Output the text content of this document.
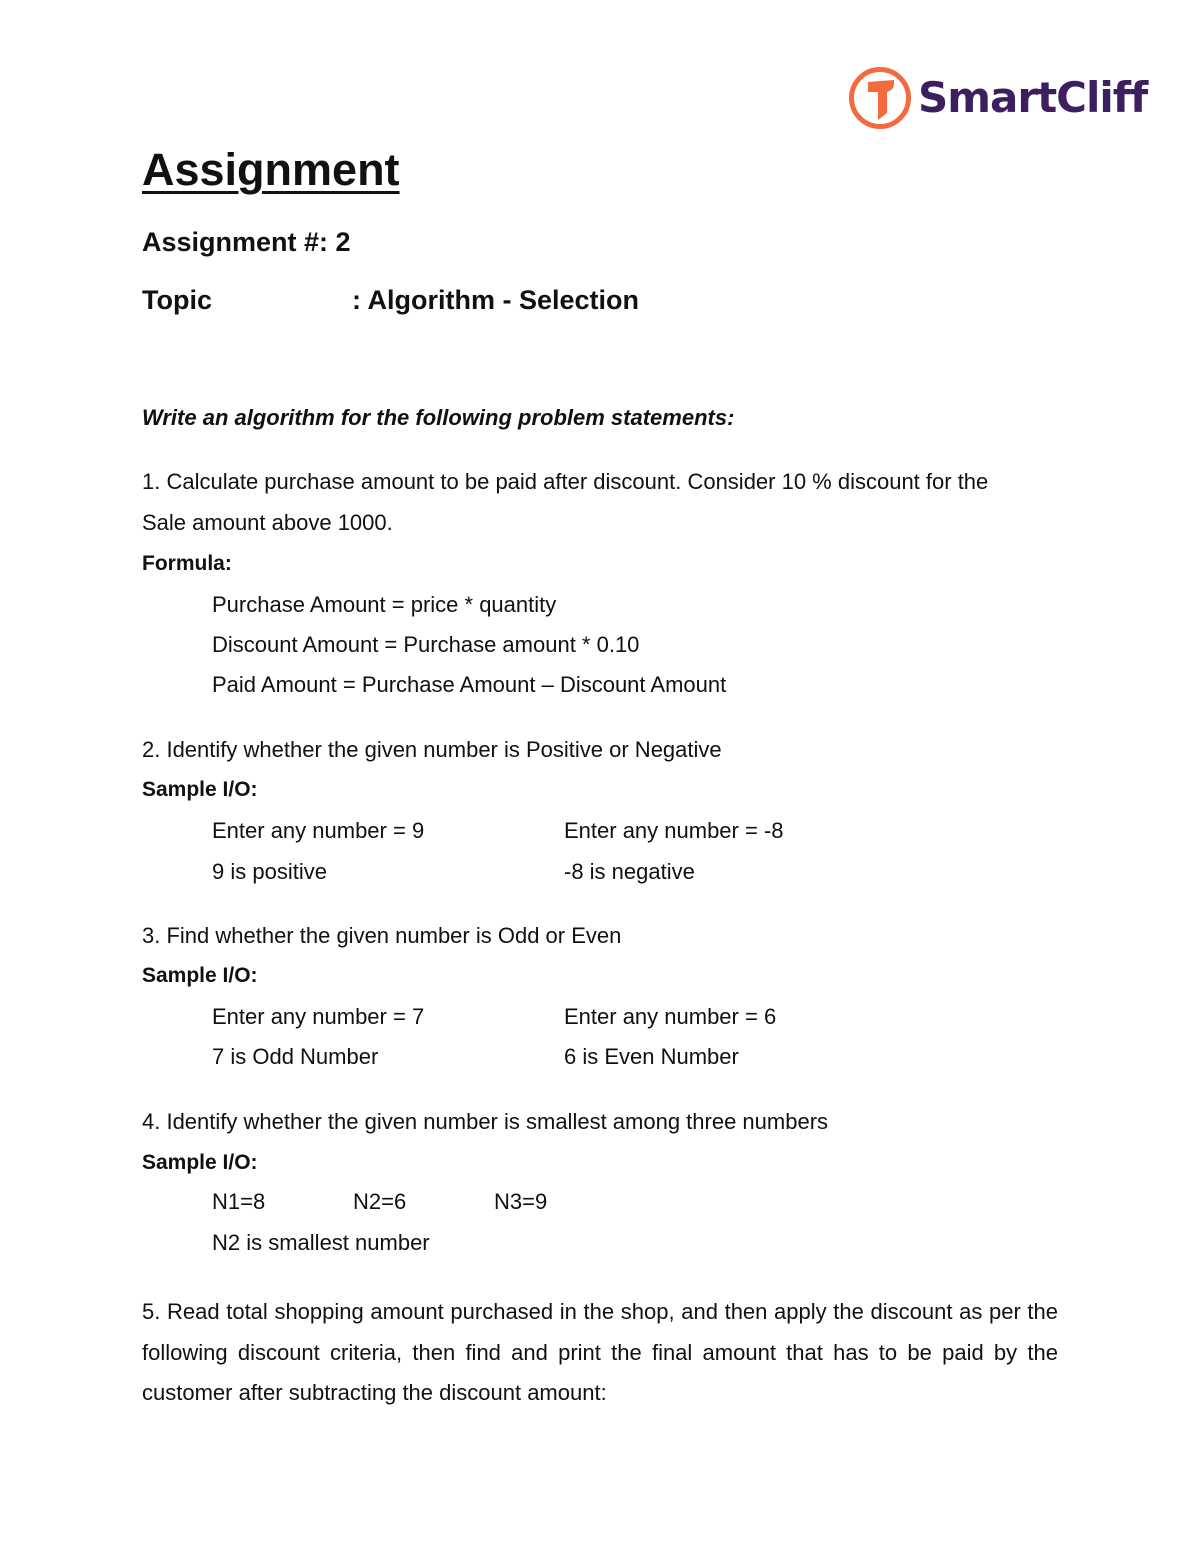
SmartCliff
Assignment
Assignment #: 2
Topic	: Algorithm - Selection
Write an algorithm for the following problem statements:
1. Calculate purchase amount to be paid after discount. Consider 10 % discount for the
Sale amount above 1000.
Formula:
Purchase Amount = price * quantity
Discount Amount = Purchase amount * 0.10
Paid Amount = Purchase Amount – Discount Amount
2. Identify whether the given number is Positive or Negative
Sample I/O:
Enter any number = 9
9 is positive
Enter any number = -8
-8 is negative
3. Find whether the given number is Odd or Even
Sample I/O:
Enter any number = 7
7 is Odd Number
Enter any number = 6
6 is Even Number
4. Identify whether the given number is smallest among three numbers
Sample I/O:
N1=8	N2=6	N3=9
N2 is smallest number
5. Read total shopping amount purchased in the shop, and then apply the discount as per the following discount criteria, then find and print the final amount that has to be paid by the customer after subtracting the discount amount:
